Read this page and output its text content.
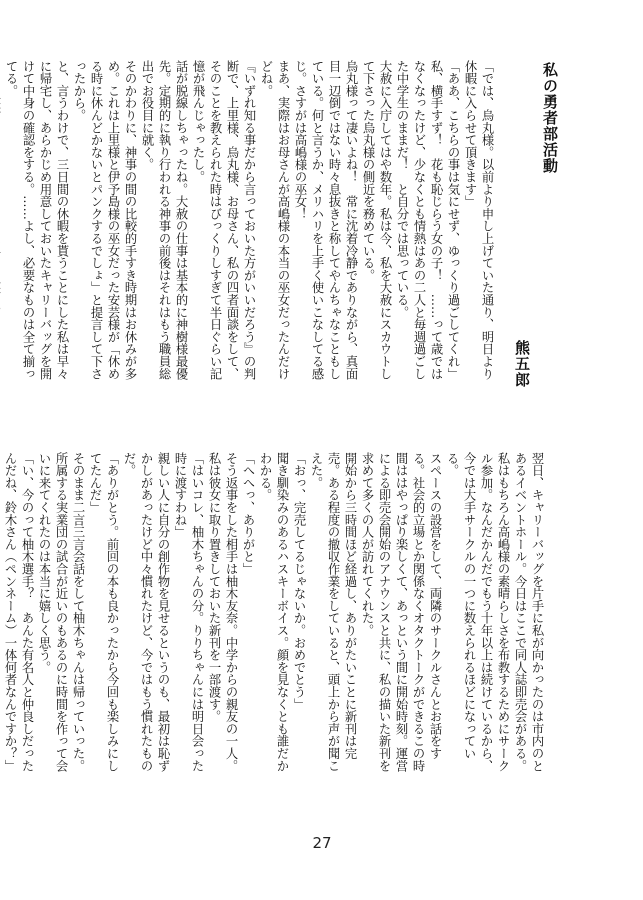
私の勇者部活動
熊五郎

「では、烏丸様。以前より申し上げていた通り、明日より休暇に入らせて頂きます」

「ああ、こちらの事は気にせず、ゆっくり過ごしてくれ」

私、横手すず！　花も恥じらう女の子！　……って歳ではなくなったけど、少なくとも情熱はあの二人と毎週過ごした中学生のままだ！　と自分では思っている。

大赦に入庁してはや数年。私は今、私を大赦にスカウトして下さった烏丸様の側近を務めている。

烏丸様って凄いよね！　常に沈着冷静でありながら、真面目一辺倒ではない時々息抜きと称してやんちゃなこともしている。何と言うか、メリハリを上手く使いこなしてる感じ。さすがは高嶋様の巫女！

まあ、実際はお母さんが高嶋様の本当の巫女だったんだけどね。

『いずれ知る事だから言っておいた方がいいだろう』の判断で、上里様、烏丸様、お母さん、私の四者面談をして、そのことを教えられた時はびっくりしすぎて半日ぐらい記憶が飛んじゃったし。

話が脱線しちゃったね。大赦の仕事は基本的に神樹様最優先。定期的に執り行われる神事の前後はそれはもう職員総出でお役目に就く。

そのかわりに、神事の間の比較的手すき時期はお休みが多め。これは上里様と伊予島様の巫女だった安芸様が「休める時に休んどかないとパンクするでしょ」と提言して下さったから。

と、言うわけで、三日間の休暇を貰うことにした私は早々に帰宅し、あらかじめ用意しておいたキャリーバッグを開けて中身の確認をする。……よし、必要なものは全て揃ってる。

翌日、キャリーバッグを片手に私が向かったのは市内のとあるイベントホール。今日はここで同人誌即売会がある。

私はもちろん高嶋様の素晴らしさを布教するためにサークル参加。なんだかんだでもう十年以上は続けているから、今では大手サークルの一つに数えられるほどになっている。

スペースの設営をして、両隣のサークルさんとお話をする。社会的立場とか関係なくオタクトークができるこの時間ははやっぱり楽しくて、あっという間に開始時刻。運営による即売会開始のアナウンスと共に、私の描いた新刊を求めて多くの人が訪れてくれた。

開始から三時間ほど経過し、ありがたいことに新刊は完売。ある程度の撤収作業をしていると、頭上から声が聞こえた。

「おっ、完売してるじゃないか。おめでとう」

聞き馴染みのあるハスキーボイス。顔を見なくとも誰だかわかる。

「へへっ、ありがと」

そう返事をした相手は柚木友奈。中学からの親友の一人。私は彼女に取り置きしておいた新刊を一部渡す。

「はいコレ、柚木ちゃんの分。りりちゃんには明日会った時に渡すわね」

親しい人に自分の創作物を見せるというのも、最初は恥ずかしがあったけど中々慣れたけど、今ではもう慣れたものだ。

「ありがとう。前回の本も良かったから今回も楽しみにしてたんだ」

そのまま二言三言会話をして柚木ちゃんは帰っていった。所属する実業団の試合が近いのもあるのに時間を作って会いに来てくれたのは本当に嬉しく思う。

「い、今のって柚木選手？　あんた有名人と仲良しだったんだね、鈴木さん（ペンネーム）一体何者なんですか？」

27
